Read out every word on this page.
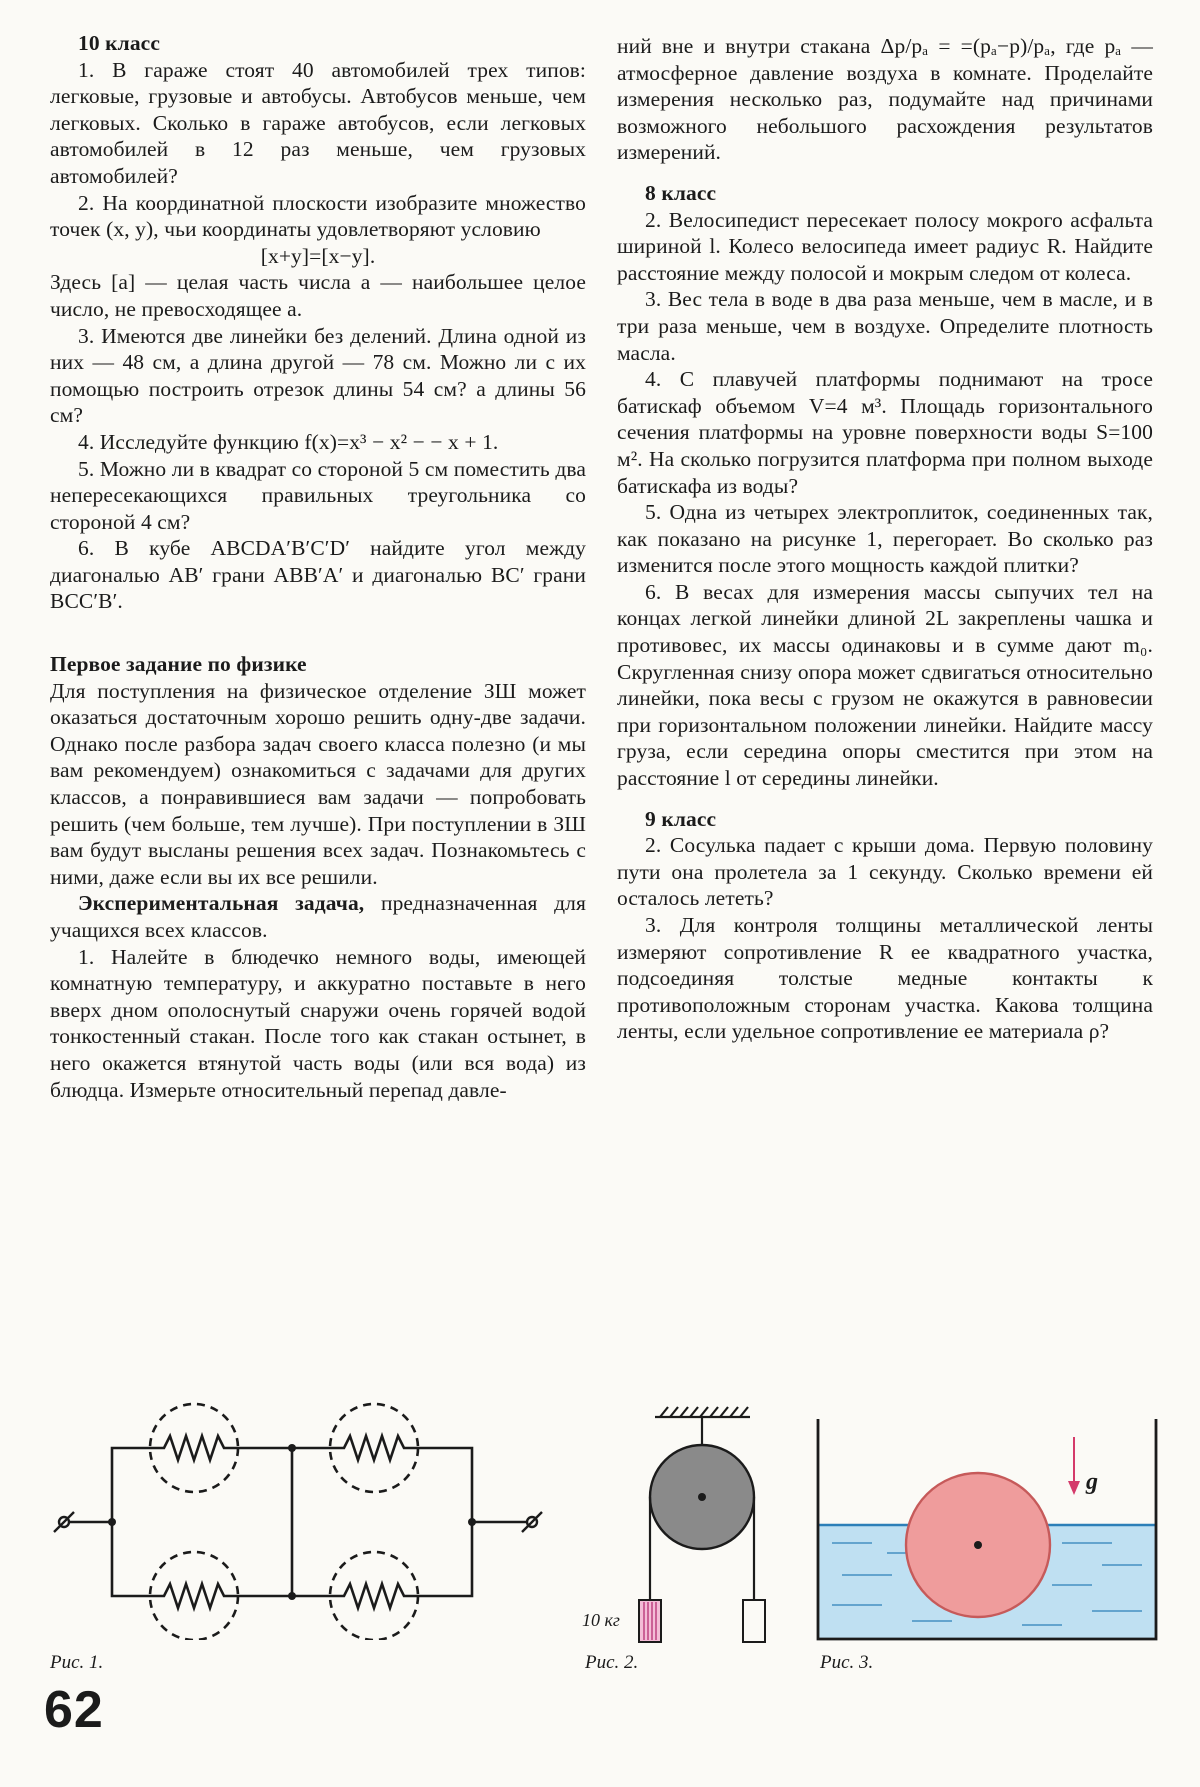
10 класс

1. В гараже стоят 40 автомобилей трех типов: легковые, грузовые и автобусы. Автобусов меньше, чем легковых. Сколько в гараже автобусов, если легковых автомобилей в 12 раз меньше, чем грузовых автомобилей?

2. На координатной плоскости изобразите множество точек (x, y), чьи координаты удовлетворяют условию

[x+y]=[x−y].

Здесь [a] — целая часть числа a — наибольшее целое число, не превосходящее a.

3. Имеются две линейки без делений. Длина одной из них — 48 см, а длина другой — 78 см. Можно ли с их помощью построить отрезок длины 54 см? а длины 56 см?

4. Исследуйте функцию f(x)=x³ − x² − − x + 1.

5. Можно ли в квадрат со стороной 5 см поместить два непересекающихся правильных треугольника со стороной 4 см?

6. В кубе ABCDA′B′C′D′ найдите угол между диагональю AB′ грани ABB′A′ и диагональю BC′ грани BCC′B′.

Первое задание по физике

Для поступления на физическое отделение ЗШ может оказаться достаточным хорошо решить одну-две задачи. Однако после разбора задач своего класса полезно (и мы вам рекомендуем) ознакомиться с задачами для других классов, а понравившиеся вам задачи — попробовать решить (чем больше, тем лучше). При поступлении в ЗШ вам будут высланы решения всех задач. Познакомьтесь с ними, даже если вы их все решили.

Экспериментальная задача, предназначенная для учащихся всех классов.

1. Налейте в блюдечко немного воды, имеющей комнатную температуру, и аккуратно поставьте в него вверх дном ополоснутый снаружи очень горячей водой тонкостенный стакан. После того как стакан остынет, в него окажется втянутой часть воды (или вся вода) из блюдца. Измерьте относительный перепад давле-

ний вне и внутри стакана Δp/pₐ = =(pₐ−p)/pₐ, где pₐ — атмосферное давление воздуха в комнате. Проделайте измерения несколько раз, подумайте над причинами возможного небольшого расхождения результатов измерений.

8 класс

2. Велосипедист пересекает полосу мокрого асфальта шириной l. Колесо велосипеда имеет радиус R. Найдите расстояние между полосой и мокрым следом от колеса.

3. Вес тела в воде в два раза меньше, чем в масле, и в три раза меньше, чем в воздухе. Определите плотность масла.

4. С плавучей платформы поднимают на тросе батискаф объемом V=4 м³. Площадь горизонтального сечения платформы на уровне поверхности воды S=100 м². На сколько погрузится платформа при полном выходе батискафа из воды?

5. Одна из четырех электроплиток, соединенных так, как показано на рисунке 1, перегорает. Во сколько раз изменится после этого мощность каждой плитки?

6. В весах для измерения массы сыпучих тел на концах легкой линейки длиной 2L закреплены чашка и противовес, их массы одинаковы и в сумме дают m₀. Скругленная снизу опора может сдвигаться относительно линейки, пока весы с грузом не окажутся в равновесии при горизонтальном положении линейки. Найдите массу груза, если середина опоры сместится при этом на расстояние l от середины линейки.

9 класс

2. Сосулька падает с крыши дома. Первую половину пути она пролетела за 1 секунду. Сколько времени ей осталось лететь?

3. Для контроля толщины металлической ленты измеряют сопротивление R ее квадратного участка, подсоединяя толстые медные контакты к противоположным сторонам участка. Какова толщина ленты, если удельное сопротивление ее материала ρ?

Рис. 1.
10 кг
Рис. 2.
g
Рис. 3.
62
